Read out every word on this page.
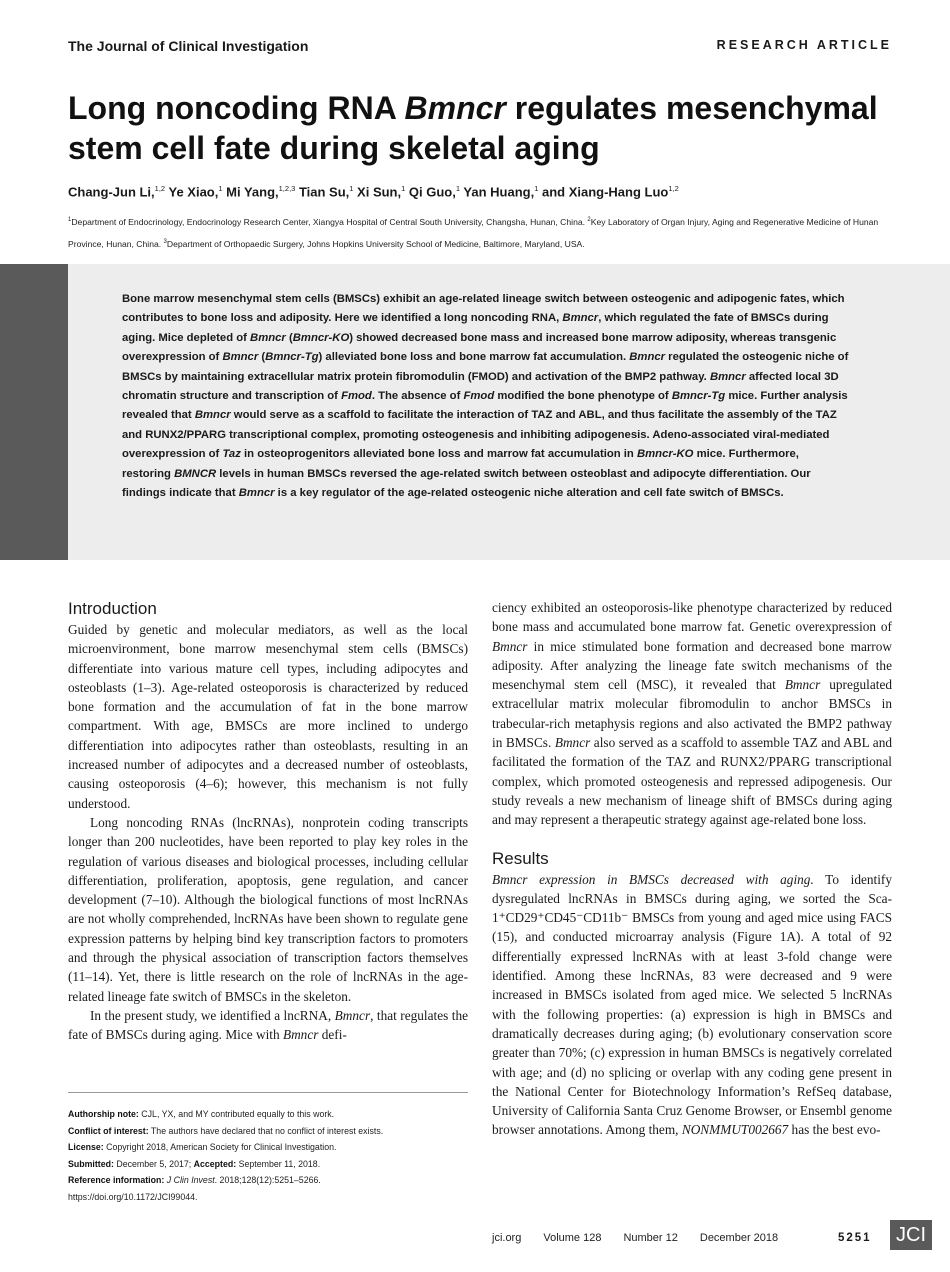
The Journal of Clinical Investigation	RESEARCH ARTICLE
Long noncoding RNA Bmncr regulates mesenchymal stem cell fate during skeletal aging
Chang-Jun Li,$^{1,2}$ Ye Xiao,$^1$ Mi Yang,$^{1,2,3}$ Tian Su,$^1$ Xi Sun,$^1$ Qi Guo,$^1$ Yan Huang,$^1$ and Xiang-Hang Luo$^{1,2}$
$^1$Department of Endocrinology, Endocrinology Research Center, Xiangya Hospital of Central South University, Changsha, Hunan, China. $^2$Key Laboratory of Organ Injury, Aging and Regenerative Medicine of Hunan Province, Hunan, China. $^3$Department of Orthopaedic Surgery, Johns Hopkins University School of Medicine, Baltimore, Maryland, USA.
Bone marrow mesenchymal stem cells (BMSCs) exhibit an age-related lineage switch between osteogenic and adipogenic fates, which contributes to bone loss and adiposity. Here we identified a long noncoding RNA, Bmncr, which regulated the fate of BMSCs during aging. Mice depleted of Bmncr (Bmncr-KO) showed decreased bone mass and increased bone marrow adiposity, whereas transgenic overexpression of Bmncr (Bmncr-Tg) alleviated bone loss and bone marrow fat accumulation. Bmncr regulated the osteogenic niche of BMSCs by maintaining extracellular matrix protein fibromodulin (FMOD) and activation of the BMP2 pathway. Bmncr affected local 3D chromatin structure and transcription of Fmod. The absence of Fmod modified the bone phenotype of Bmncr-Tg mice. Further analysis revealed that Bmncr would serve as a scaffold to facilitate the interaction of TAZ and ABL, and thus facilitate the assembly of the TAZ and RUNX2/PPARG transcriptional complex, promoting osteogenesis and inhibiting adipogenesis. Adeno-associated viral-mediated overexpression of Taz in osteoprogenitors alleviated bone loss and marrow fat accumulation in Bmncr-KO mice. Furthermore, restoring BMNCR levels in human BMSCs reversed the age-related switch between osteoblast and adipocyte differentiation. Our findings indicate that Bmncr is a key regulator of the age-related osteogenic niche alteration and cell fate switch of BMSCs.
Introduction

Guided by genetic and molecular mediators, as well as the local microenvironment, bone marrow mesenchymal stem cells (BMSCs) differentiate into various mature cell types, including adipocytes and osteoblasts (1–3). Age-related osteoporosis is characterized by reduced bone formation and the accumulation of fat in the bone marrow compartment. With age, BMSCs are more inclined to undergo differentiation into adipocytes rather than osteoblasts, resulting in an increased number of adipocytes and a decreased number of osteoblasts, causing osteoporosis (4–6); however, this mechanism is not fully understood.

Long noncoding RNAs (lncRNAs), nonprotein coding transcripts longer than 200 nucleotides, have been reported to play key roles in the regulation of various diseases and biological processes, including cellular differentiation, proliferation, apoptosis, gene regulation, and cancer development (7–10). Although the biological functions of most lncRNAs are not wholly comprehended, lncRNAs have been shown to regulate gene expression patterns by helping bind key transcription factors to promoters and through the physical association of transcription factors themselves (11–14). Yet, there is little research on the role of lncRNAs in the age-related lineage fate switch of BMSCs in the skeleton.

In the present study, we identified a lncRNA, Bmncr, that regulates the fate of BMSCs during aging. Mice with Bmncr defi-

ciency exhibited an osteoporosis-like phenotype characterized by reduced bone mass and accumulated bone marrow fat. Genetic overexpression of Bmncr in mice stimulated bone formation and decreased bone marrow adiposity. After analyzing the lineage fate switch mechanisms of the mesenchymal stem cell (MSC), it revealed that Bmncr upregulated extracellular matrix molecular fibromodulin to anchor BMSCs in trabecular-rich metaphysis regions and also activated the BMP2 pathway in BMSCs. Bmncr also served as a scaffold to assemble TAZ and ABL and facilitated the formation of the TAZ and RUNX2/PPARG transcriptional complex, which promoted osteogenesis and repressed adipogenesis. Our study reveals a new mechanism of lineage shift of BMSCs during aging and may represent a therapeutic strategy against age-related bone loss.

Results

Bmncr expression in BMSCs decreased with aging. To identify dysregulated lncRNAs in BMSCs during aging, we sorted the Sca-1⁺CD29⁺CD45⁻CD11b⁻ BMSCs from young and aged mice using FACS (15), and conducted microarray analysis (Figure 1A). A total of 92 differentially expressed lncRNAs with at least 3-fold change were identified. Among these lncRNAs, 83 were decreased and 9 were increased in BMSCs isolated from aged mice. We selected 5 lncRNAs with the following properties: (a) expression is high in BMSCs and dramatically decreases during aging; (b) evolutionary conservation score greater than 70%; (c) expression in human BMSCs is negatively correlated with age; and (d) no splicing or overlap with any coding gene present in the National Center for Biotechnology Information’s RefSeq database, University of California Santa Cruz Genome Browser, or Ensembl genome browser annotations. Among them, NONMMUT002667 has the best evo-

Authorship note: CJL, YX, and MY contributed equally to this work.
Conflict of interest: The authors have declared that no conflict of interest exists.
License: Copyright 2018, American Society for Clinical Investigation.
Submitted: December 5, 2017; Accepted: September 11, 2018.
Reference information: J Clin Invest. 2018;128(12):5251–5266.
https://doi.org/10.1172/JCI99044.
jci.org Volume 128 Number 12 December 2018	5251	JCI
